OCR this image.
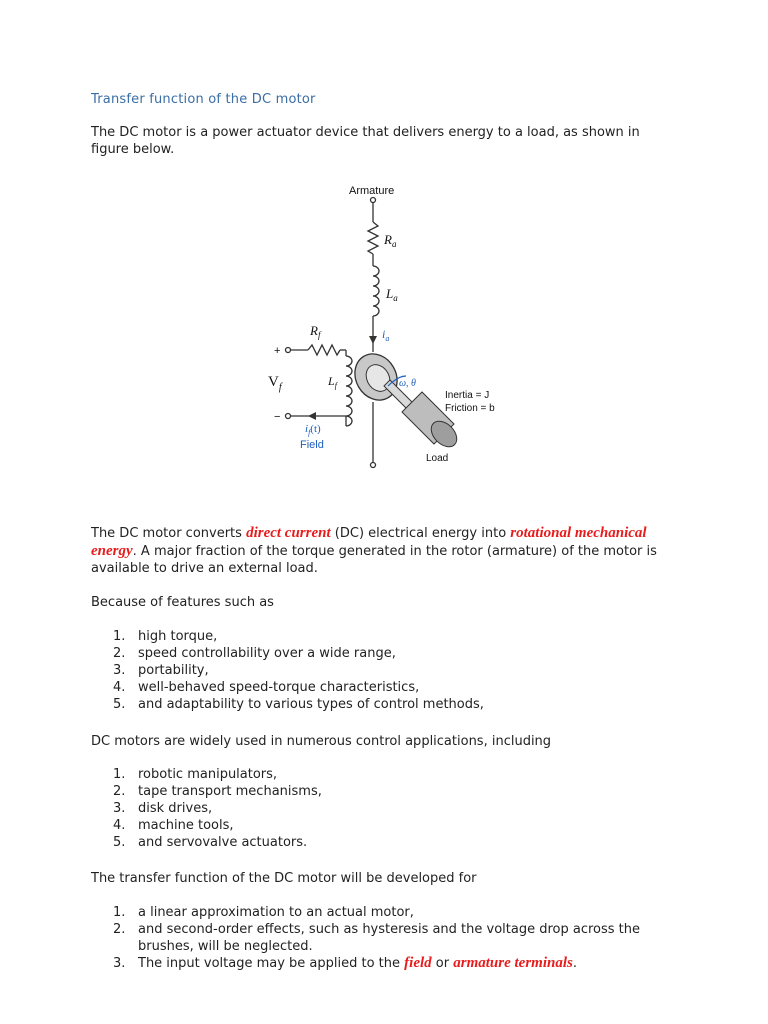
Transfer function of the DC motor

The DC motor is a power actuator device that delivers energy to a load, as shown in figure below.

The DC motor converts direct current (DC) electrical energy into rotational mechanical energy. A major fraction of the torque generated in the rotor (armature) of the motor is available to drive an external load.

Because of features such as

1. high torque,
2. speed controllability over a wide range,
3. portability,
4. well-behaved speed-torque characteristics,
5. and adaptability to various types of control methods,

DC motors are widely used in numerous control applications, including

1. robotic manipulators,
2. tape transport mechanisms,
3. disk drives,
4. machine tools,
5. and servovalve actuators.

The transfer function of the DC motor will be developed for

1. a linear approximation to an actual motor,
2. and second-order effects, such as hysteresis and the voltage drop across the brushes, will be neglected.
3. The input voltage may be applied to the field or armature terminals.
Armature
$R_a$
$L_a$
$i_a$
$R_f$
$L_f$
+
−
$V_f$
$i_f(t)$
Field
ω, θ
Inertia = J
Friction = b
Load
